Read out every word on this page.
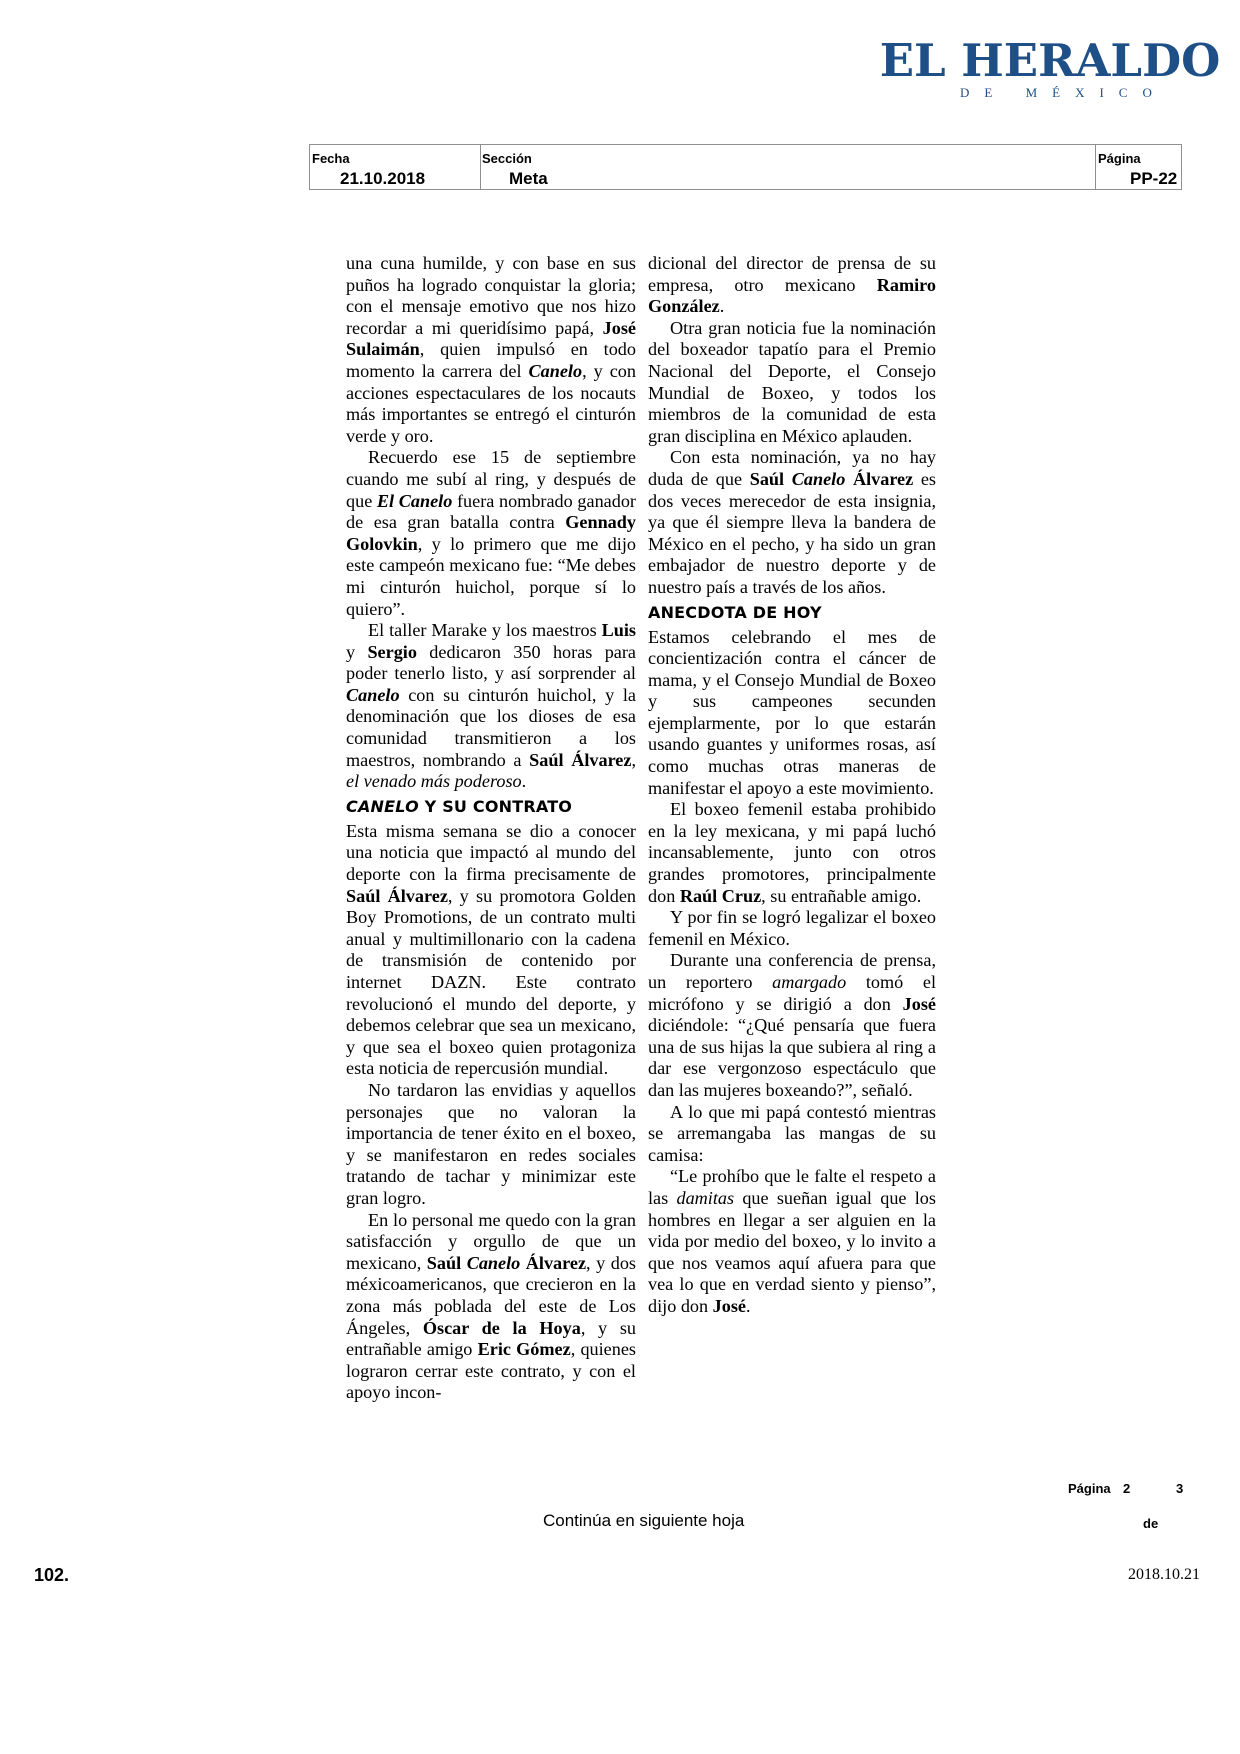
EL HERALDO
DE MÉXICO
Fecha
21.10.2018
Sección
Meta
Página
PP-22

una cuna humilde, y con base en sus puños ha logrado conquistar la gloria; con el mensaje emotivo que nos hizo recordar a mi queridísimo papá, José Sulaimán, quien impulsó en todo momento la carrera del Canelo, y con acciones espectaculares de los nocauts más importantes se entregó el cinturón verde y oro.

Recuerdo ese 15 de septiembre cuando me subí al ring, y después de que El Canelo fuera nombrado ganador de esa gran batalla contra Gennady Golovkin, y lo primero que me dijo este campeón mexicano fue: “Me debes mi cinturón huichol, porque sí lo quiero”.

El taller Marake y los maestros Luis y Sergio dedicaron 350 horas para poder tenerlo listo, y así sorprender al Canelo con su cinturón huichol, y la denominación que los dioses de esa comunidad transmitieron a los maestros, nombrando a Saúl Álvarez, el venado más poderoso.

CANELO Y SU CONTRATO

Esta misma semana se dio a conocer una noticia que impactó al mundo del deporte con la firma precisamente de Saúl Álvarez, y su promotora Golden Boy Promotions, de un contrato multi anual y multimillonario con la cadena de transmisión de contenido por internet DAZN. Este contrato revolucionó el mundo del deporte, y debemos celebrar que sea un mexicano, y que sea el boxeo quien protagoniza esta noticia de repercusión mundial.

No tardaron las envidias y aquellos personajes que no valoran la importancia de tener éxito en el boxeo, y se manifestaron en redes sociales tratando de tachar y minimizar este gran logro.

En lo personal me quedo con la gran satisfacción y orgullo de que un mexicano, Saúl Canelo Álvarez, y dos méxicoamericanos, que crecieron en la zona más poblada del este de Los Ángeles, Óscar de la Hoya, y su entrañable amigo Eric Gómez, quienes lograron cerrar este contrato, y con el apoyo incon-

dicional del director de prensa de su empresa, otro mexicano Ramiro González.

Otra gran noticia fue la nominación del boxeador tapatío para el Premio Nacional del Deporte, el Consejo Mundial de Boxeo, y todos los miembros de la comunidad de esta gran disciplina en México aplauden.

Con esta nominación, ya no hay duda de que Saúl Canelo Álvarez es dos veces merecedor de esta insignia, ya que él siempre lleva la bandera de México en el pecho, y ha sido un gran embajador de nuestro deporte y de nuestro país a través de los años.

ANECDOTA DE HOY

Estamos celebrando el mes de concientización contra el cáncer de mama, y el Consejo Mundial de Boxeo y sus campeones secunden ejemplarmente, por lo que estarán usando guantes y uniformes rosas, así como muchas otras maneras de manifestar el apoyo a este movimiento.

El boxeo femenil estaba prohibido en la ley mexicana, y mi papá luchó incansablemente, junto con otros grandes promotores, principalmente don Raúl Cruz, su entrañable amigo.

Y por fin se logró legalizar el boxeo femenil en México.

Durante una conferencia de prensa, un reportero amargado tomó el micrófono y se dirigió a don José diciéndole: “¿Qué pensaría que fuera una de sus hijas la que subiera al ring a dar ese vergonzoso espectáculo que dan las mujeres boxeando?”, señaló.

A lo que mi papá contestó mientras se arremangaba las mangas de su camisa:

“Le prohíbo que le falte el respeto a las damitas que sueñan igual que los hombres en llegar a ser alguien en la vida por medio del boxeo, y lo invito a que nos veamos aquí afuera para que vea lo que en verdad siento y pienso”, dijo don José.

Página 2	3
Continúa en siguiente hoja	de
102.	2018.10.21
